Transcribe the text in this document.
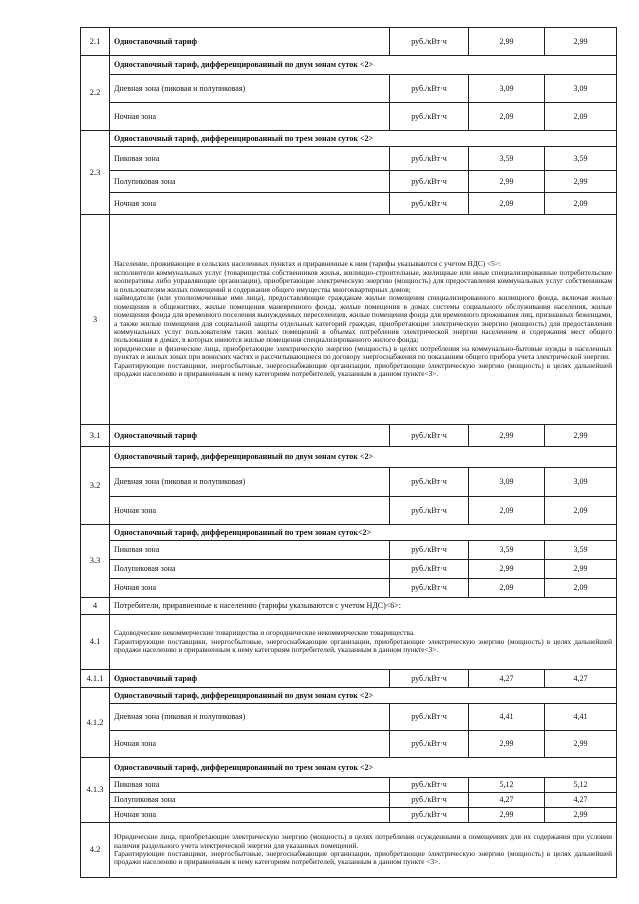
2.1	Одноставочный тариф	руб./кВт·ч	2,99	2,99
2.2	Одноставочный тариф, дифференцированный по двум зонам суток <2>			
	Дневная зона (пиковая и полупиковая)	руб./кВт·ч	3,09	3,09
	Ночная зона	руб./кВт·ч	2,09	2,09
2.3	Одноставочный тариф, дифференцированный по трем зонам суток <2>			
	Пиковая зона	руб./кВт·ч	3,59	3,59
	Полупиковая зона	руб./кВт·ч	2,99	2,99
	Ночная зона	руб./кВт·ч	2,09	2,09
3	Население, проживающее в сельских населенных пунктах и приравненные к ним (тарифы указываются с учетом НДС) <5>:
исполнители коммунальных услуг (товарищества собственников жилья, жилищно-строительные, жилищные или иные специализированные потребительские кооперативы либо управляющие организации), приобретающие электрическую энергию (мощность) для предоставления коммунальных услуг собственникам и пользователям жилых помещений и содержания общего имущества многоквартирных домов;
наймодатели (или уполномоченные ими лица), предоставляющие гражданам жилые помещения специализированного жилищного фонда, включая жилые помещения в общежитиях, жилые помещения маневренного фонда, жилые помещения в домах системы социального обслуживания населения, жилые помещения фонда для временного поселения вынужденных переселенцев, жилые помещения фонда для временного проживания лиц, признанных беженцами, а также жилые помещения для социальной защиты отдельных категорий граждан, приобретающие электрическую энергию (мощность) для предоставления коммунальных услуг пользователям таких жилых помещений в объемах потребления электрической энергии населением и содержания мест общего пользования в домах, в которых имеются жилые помещения специализированного жилого фонда;
юридические и физические лица, приобретающие электрическую энергию (мощность) в целях потребления на коммунально-бытовые нужды в населенных пунктах и жилых зонах при воинских частях и рассчитывающиеся по договору энергоснабжения по показаниям общего прибора учета электрической энергии.
Гарантирующие поставщики, энергосбытовые, энергоснабжающие организации, приобретающие электрическую энергию (мощность) в целях дальнейшей продажи населению и приравненным к нему категориям потребителей, указанным в данном пункте<3>.			

3.1	Одноставочный тариф	руб./кВт·ч	2,99	2,99
3.2	Одноставочный тариф, дифференцированный по двум зонам суток <2>			
	Дневная зона (пиковая и полупиковая)	руб./кВт·ч	3,09	3,09
	Ночная зона	руб./кВт·ч	2,09	2,09
3.3	Одноставочный тариф, дифференцированный по трем зонам суток<2>			
	Пиковая зона	руб./кВт·ч	3,59	3,59
	Полупиковая зона	руб./кВт·ч	2,99	2,99
	Ночная зона	руб./кВт·ч	2,09	2,09
4	Потребители, приравненные к населению (тарифы указываются с учетом НДС)<6>:			
4.1	Садоводческие некоммерческие товарищества и огороднические некоммерческие товарищества.
Гарантирующие поставщики, энергосбытовые, энергоснабжающие организации, приобретающие электрическую энергию (мощность) в целях дальнейшей продажи населению и приравненным к нему категориям потребителей, указанным в данном пункте<3>.			

4.1.1	Одноставочный тариф	руб./кВт·ч	4,27	4,27
4.1.2	Одноставочный тариф, дифференцированный по двум зонам суток <2>			
	Дневная зона (пиковая и полупиковая)	руб./кВт·ч	4,41	4,41
	Ночная зона	руб./кВт·ч	2,99	2,99
4.1.3	Одноставочный тариф, дифференцированный по трем зонам суток <2>			
	Пиковая зона	руб./кВт·ч	5,12	5,12
	Полупиковая зона	руб./кВт·ч	4,27	4,27
	Ночная зона	руб./кВт·ч	2,99	2,99
4.2	Юридические лица, приобретающие электрическую энергию (мощность) в целях потребления осужденными в помещениях для их содержания при условии наличия раздельного учета электрической энергии для указанных помещений.
Гарантирующие поставщики, энергосбытовые, энергоснабжающие организации, приобретающие электрическую энергию (мощность) в целях дальнейшей продажи населению и приравненным к нему категориям потребителей, указанным в данном пункте <3>.			
